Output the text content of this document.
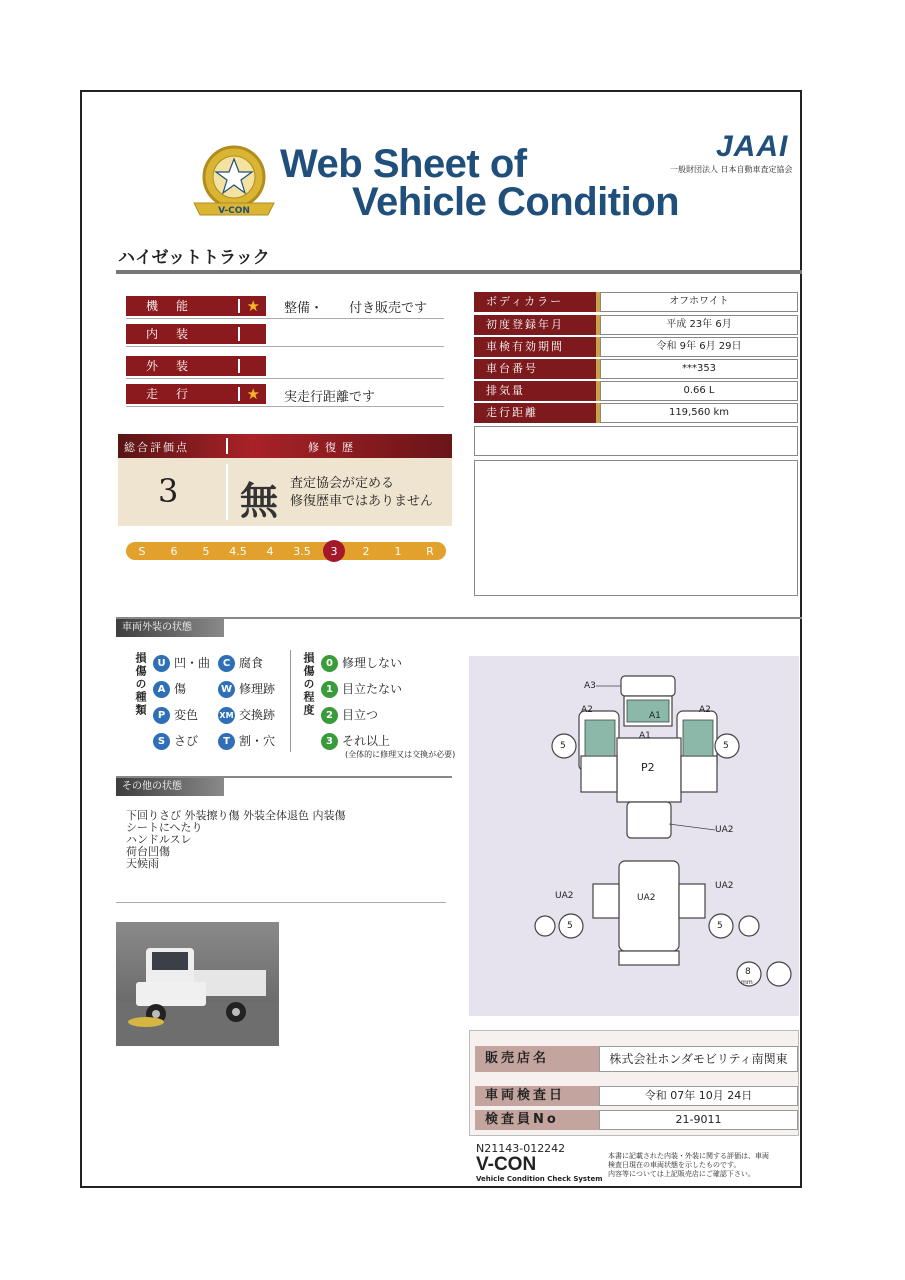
V-CON
Web Sheet of
Vehicle Condition
JAAI
一般財団法人 日本自動車査定協会
ハイゼットトラック
機能	★ 整備・　　付き販売です
内装
外装
走行	★ 実走行距離です
ボディカラー	オフホワイト
初度登録年月	平成 23年 6月
車検有効期間	令和 9年 6月 29日
車台番号	***353
排気量	0.66 L
走行距離	119,560 km
総合評価点	修復歴
3 無 査定協会が定める
修復歴車ではありません
S 6 5 4.5 4 3.5 3 2 1 R
車両外装の状態
損傷の種類	U 凹・曲	C 腐食
A 傷	W 修理跡
P 変色	XM 交換跡
S さび	T 割・穴
損傷の程度	0 修理しない
1 目立たない
2 目立つ
3 それ以上
(全体的に修理又は交換が必要)
その他の状態
下回りさび 外装擦り傷 外装全体退色 内装傷
シートにへたり
ハンドルスレ
荷台凹傷
天候雨
A3
A2	A2
A1
A1
P2
UA2
UA2
UA2
UA2
5	5
5	5
8
mm
販売店名	株式会社ホンダモビリティ南関東
車両検査日	令和 07年 10月 24日
検査員No	21-9011
N21143-012242
V-CON
Vehicle Condition Check System
本書に記載された内装・外装に関する評価は、車両
検査日現在の車両状態を示したものです。
内容等については上記販売店にご確認下さい。
